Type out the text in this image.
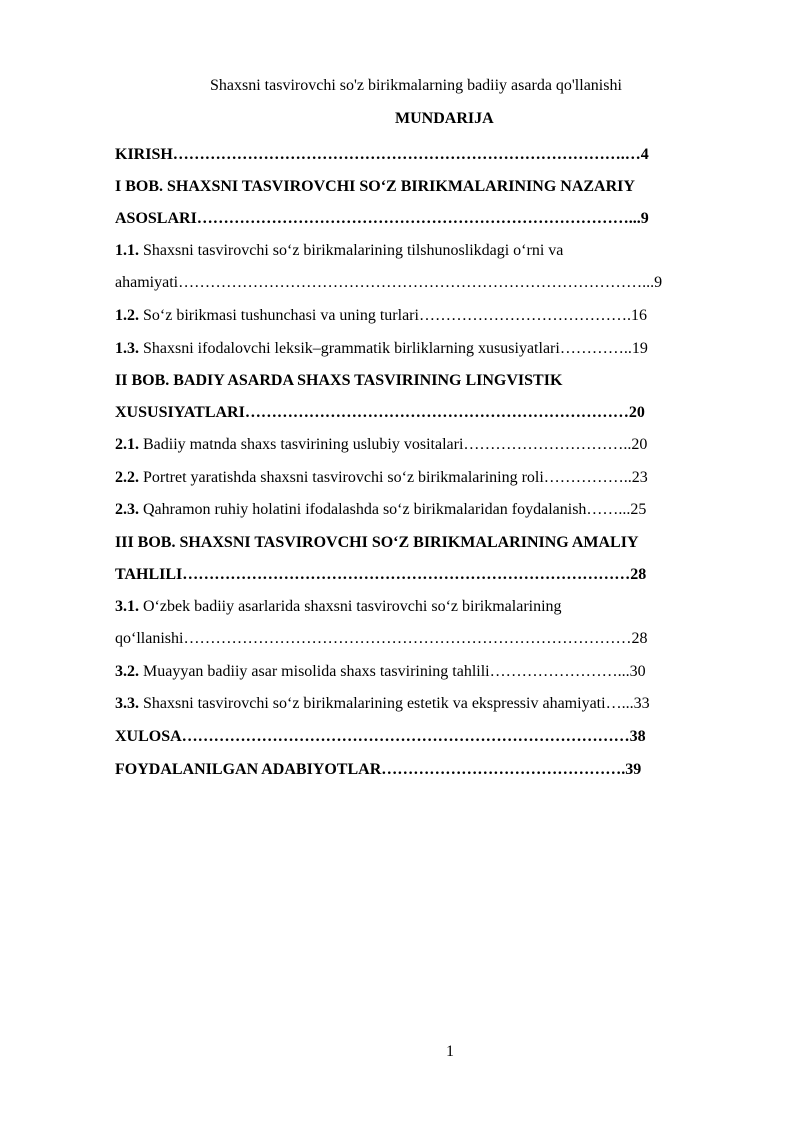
Shaxsni tasvirovchi so'z birikmalarning badiiy asarda qo'llanishi
MUNDARIJA
KIRISH………………………………………………………………………….…4
I BOB. SHAXSNI TASVIROVCHI SO‘Z BIRIKMALARINING NAZARIY
ASOSLARI………………………………………………………………………...9
1.1. Shaxsni tasvirovchi so‘z birikmalarining tilshunoslikdagi o‘rni va
ahamiyati……………………………………………………………………………...9
1.2. So‘z birikmasi tushunchasi va uning turlari………………………………….16
1.3. Shaxsni ifodalovchi leksik–grammatik birliklarning xususiyatlari…………..19
II BOB. BADIY ASARDA SHAXS TASVIRINING LINGVISTIK
XUSUSIYATLARI………………………………………………………………20
2.1. Badiiy matnda shaxs tasvirining uslubiy vositalari…………………………..20
2.2. Portret yaratishda shaxsni tasvirovchi so‘z birikmalarining roli……………..23
2.3. Qahramon ruhiy holatini ifodalashda so‘z birikmalaridan foydalanish……...25
III BOB. SHAXSNI TASVIROVCHI SO‘Z BIRIKMALARINING AMALIY
TAHLILI…………………………………………………………………………28
3.1. O‘zbek badiiy asarlarida shaxsni tasvirovchi so‘z birikmalarining
qo‘llanishi…………………………………………………………………………28
3.2. Muayyan badiiy asar misolida shaxs tasvirining tahlili……………………...30
3.3. Shaxsni tasvirovchi so‘z birikmalarining estetik va ekspressiv ahamiyati…...33
XULOSA…………………………………………………………………………38
FOYDALANILGAN ADABIYOTLAR……………………………………….39
1
